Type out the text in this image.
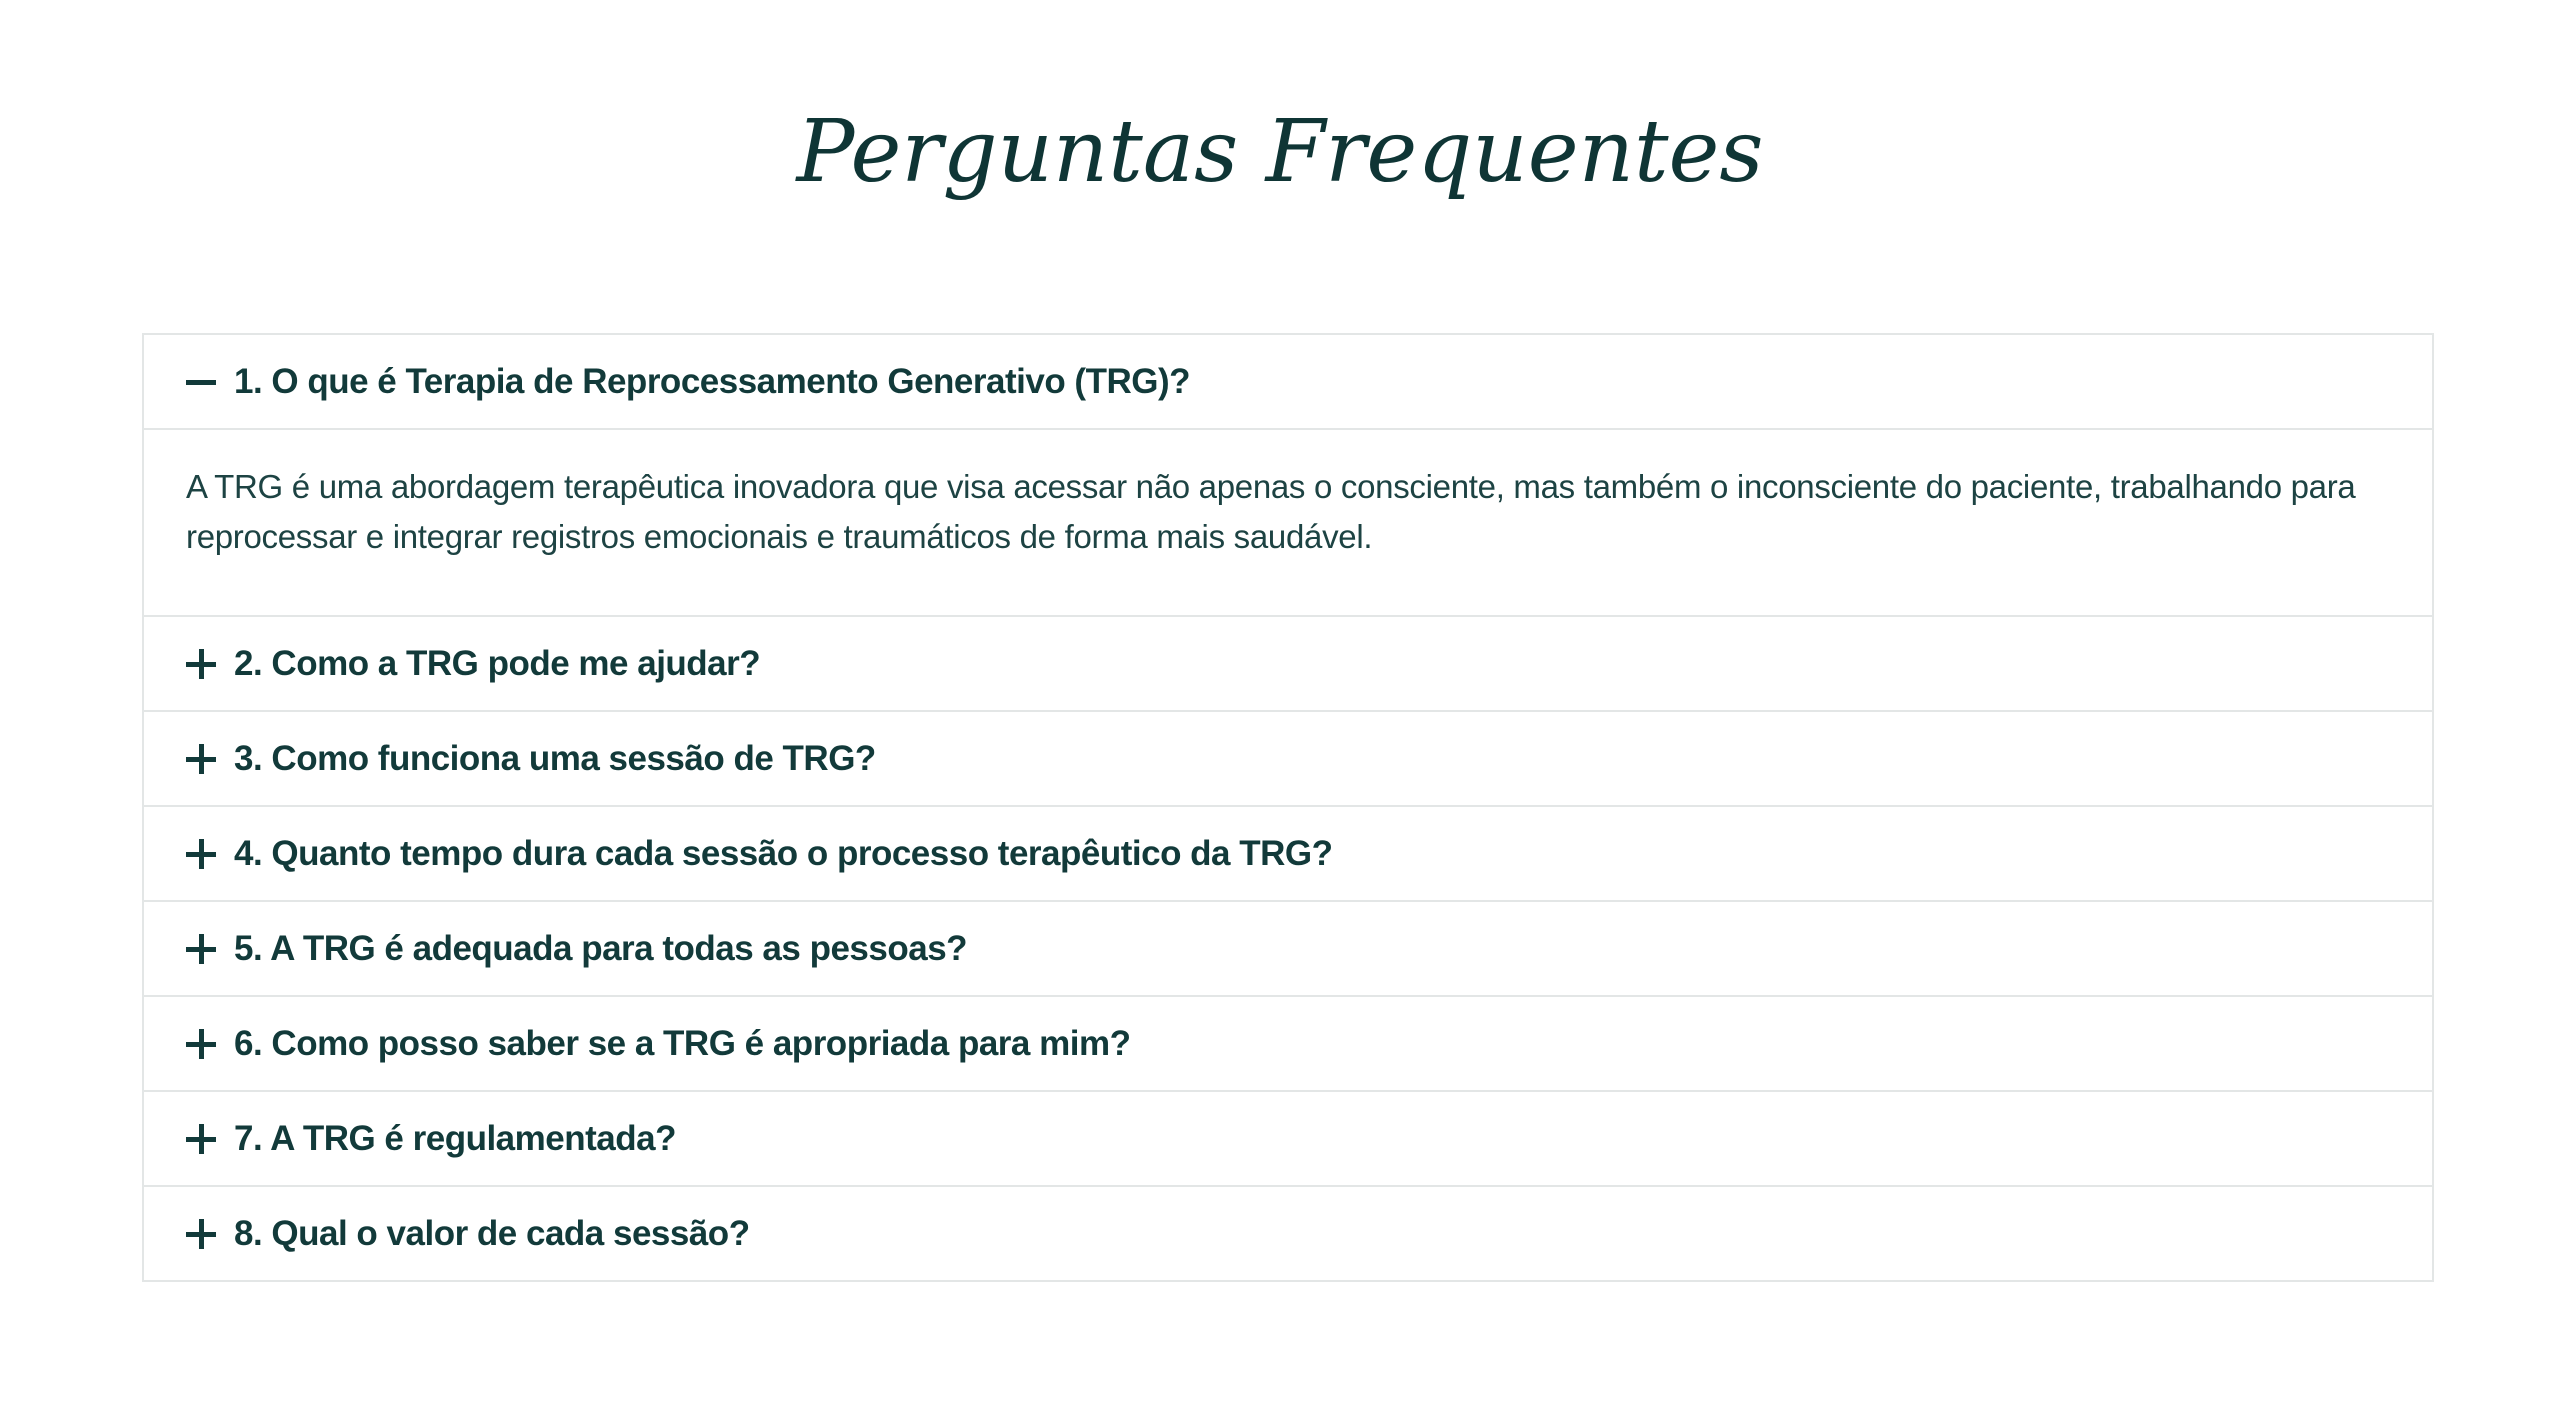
Perguntas Frequentes
1. O que é Terapia de Reprocessamento Generativo (TRG)?

A TRG é uma abordagem terapêutica inovadora que visa acessar não apenas o consciente, mas também o inconsciente do paciente, trabalhando para reprocessar e integrar registros emocionais e traumáticos de forma mais saudável.

2. Como a TRG pode me ajudar?
3. Como funciona uma sessão de TRG?
4. Quanto tempo dura cada sessão o processo terapêutico da TRG?
5. A TRG é adequada para todas as pessoas?
6. Como posso saber se a TRG é apropriada para mim?
7. A TRG é regulamentada?
8. Qual o valor de cada sessão?
